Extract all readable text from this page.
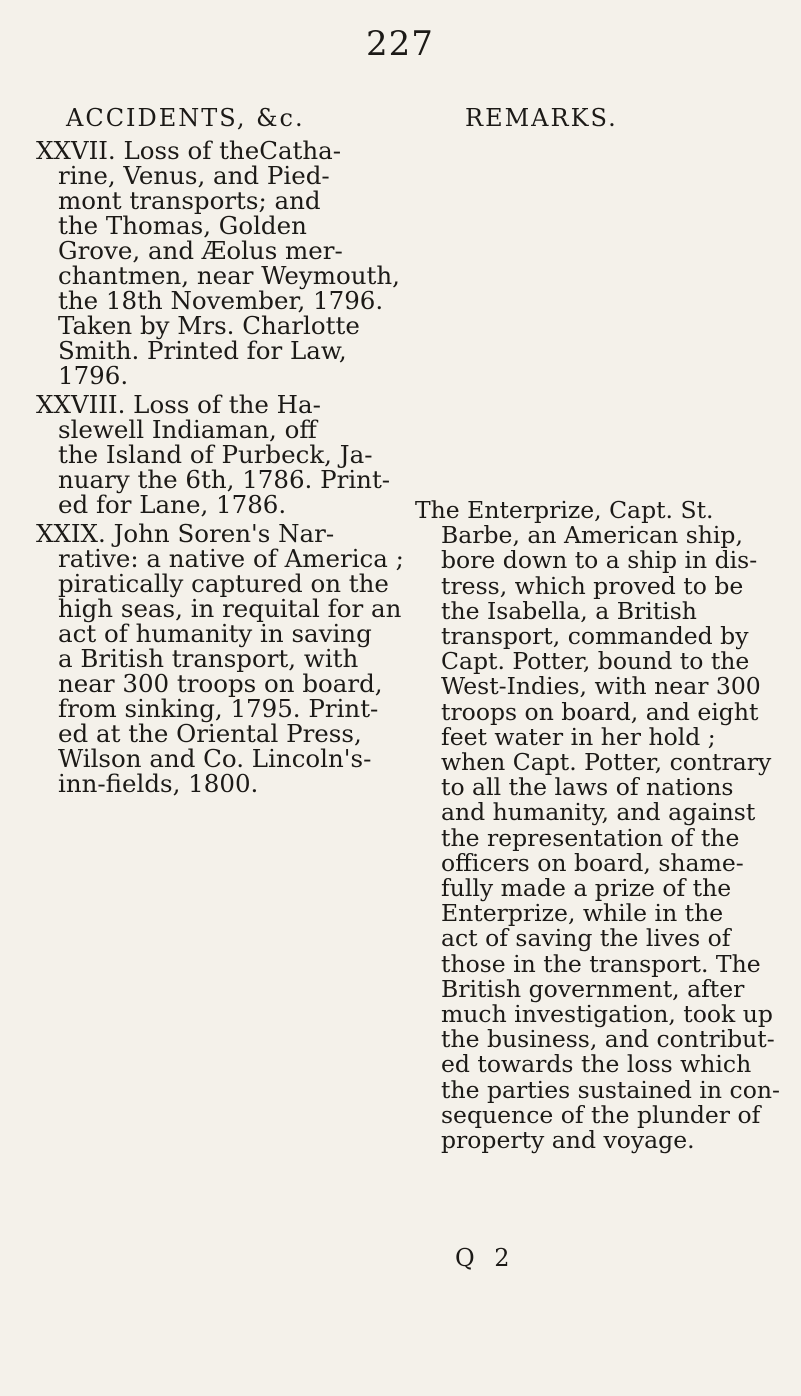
227
ACCIDENTS, &c.
XXVII. Loss of theCatha-
rine, Venus, and Pied-
mont transports; and
the Thomas, Golden
Grove, and Æolus mer-
chantmen, near Weymouth,
the 18th November, 1796.
Taken by Mrs. Charlotte
Smith. Printed for Law,
1796.
XXVIII. Loss of the Ha-
slewell Indiaman, off
the Island of Purbeck, Ja-
nuary the 6th, 1786. Print-
ed for Lane, 1786.
XXIX. John Soren's Nar-
rative: a native of America ;
piratically captured on the
high seas, in requital for an
act of humanity in saving
a British transport, with
near 300 troops on board,
from sinking, 1795. Print-
ed at the Oriental Press,
Wilson and Co. Lincoln's-
inn-fields, 1800.
REMARKS.
The Enterprize, Capt. St.
Barbe, an American ship,
bore down to a ship in dis-
tress, which proved to be
the Isabella, a British
transport, commanded by
Capt. Potter, bound to the
West-Indies, with near 300
troops on board, and eight
feet water in her hold ;
when Capt. Potter, contrary
to all the laws of nations
and humanity, and against
the representation of the
officers on board, shame-
fully made a prize of the
Enterprize, while in the
act of saving the lives of
those in the transport. The
British government, after
much investigation, took up
the business, and contribut-
ed towards the loss which
the parties sustained in con-
sequence of the plunder of
property and voyage.
Q 2
